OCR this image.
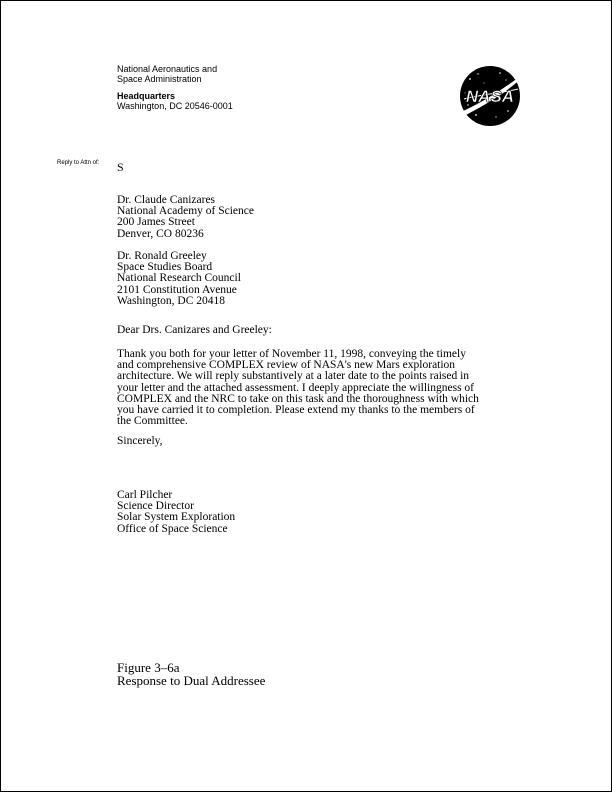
National Aeronautics and
Space Administration
Headquarters
Washington, DC 20546-0001	NASA
Reply to Attn of: S
Dr. Claude Canizares
National Academy of Science
200 James Street
Denver, CO 80236
Dr. Ronald Greeley
Space Studies Board
National Research Council
2101 Constitution Avenue
Washington, DC 20418
Dear Drs. Canizares and Greeley:
Thank you both for your letter of November 11, 1998, conveying the timely
and comprehensive COMPLEX review of NASA's new Mars exploration
architecture. We will reply substantively at a later date to the points raised in
your letter and the attached assessment. I deeply appreciate the willingness of
COMPLEX and the NRC to take on this task and the thoroughness with which
you have carried it to completion. Please extend my thanks to the members of
the Committee.
Sincerely,
Carl Pilcher
Science Director
Solar System Exploration
Office of Space Science
Figure 3–6a
Response to Dual Addressee
